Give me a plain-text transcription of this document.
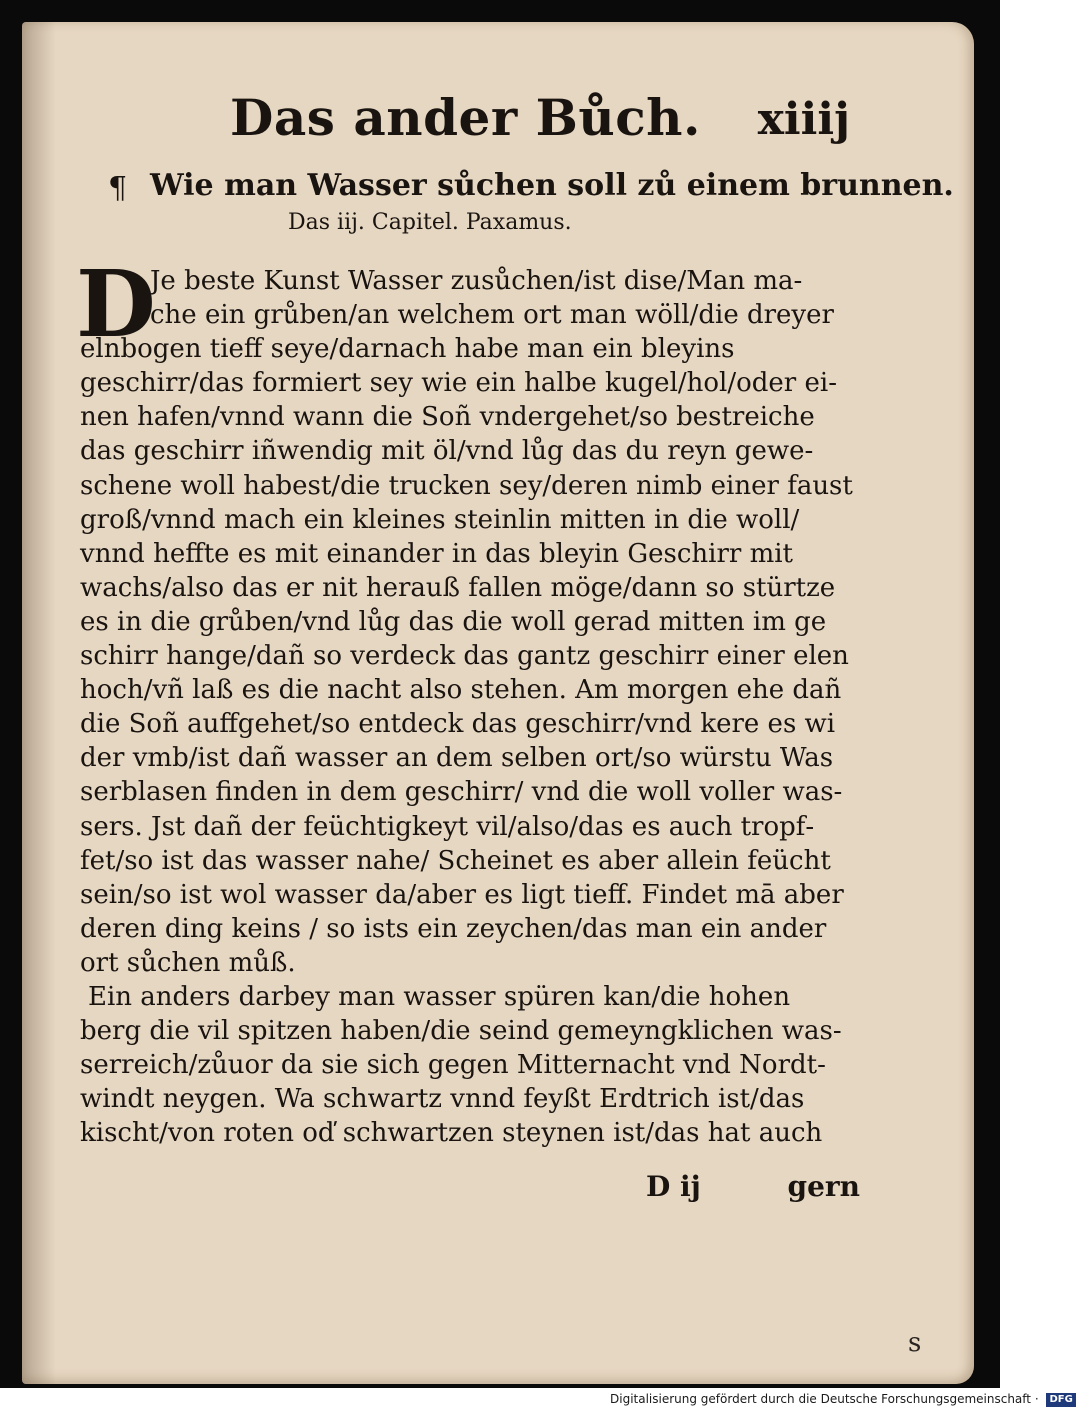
Das ander Bůch. xiiij
¶ Wie man Wasser sůchen soll zů einem brunnen.
Das iij. Capitel. Paxamus.
D
Je beste Kunst Wasser zusůchen/ist dise/Man ma‑
che ein grůben/an welchem ort man wöll/die dreyer
elnbogen tieff seye/darnach habe man ein bleyins
geschirr/das formiert sey wie ein halbe kugel/hol/oder ei‑
nen hafen/vnnd wann die Soñ vndergehet/so bestreiche
das geschirr iñwendig mit öl/vnd lůg das du reyn gewe‑
schene woll habest/die trucken sey/deren nimb einer faust
groß/vnnd mach ein kleines steinlin mitten in die woll/
vnnd heffte es mit einander in das bleyin Geschirr mit
wachs/also das er nit herauß fallen möge/dann so stürtze
es in die grůben/vnd lůg das die woll gerad mitten im ge
schirr hange/dañ so verdeck das gantz geschirr einer elen
hoch/vñ laß es die nacht also stehen. Am morgen ehe dañ
die Soñ auffgehet/so entdeck das geschirr/vnd kere es wi
der vmb/ist dañ wasser an dem selben ort/so würstu Was
serblasen finden in dem geschirr/ vnd die woll voller was‑
sers. Jst dañ der feüchtigkeyt vil/also/das es auch tropf‑
fet/so ist das wasser nahe/ Scheinet es aber allein feücht
sein/so ist wol wasser da/aber es ligt tieff. Findet mā aber
deren ding keins / so ists ein zeychen/das man ein ander
ort sůchen můß.
Ein anders darbey man wasser spüren kan/die hohen
berg die vil spitzen haben/die seind gemeyngklichen was‑
serreich/zůuor da sie sich gegen Mitternacht vnd Nordt‑
windt neygen. Wa schwartz vnnd feyßt Erdtrich ist/das
kischt/von roten oď schwartzen steynen ist/das hat auch
D ij	gern
s
Digitalisierung gefördert durch die Deutsche Forschungsgemeinschaft · DFG
